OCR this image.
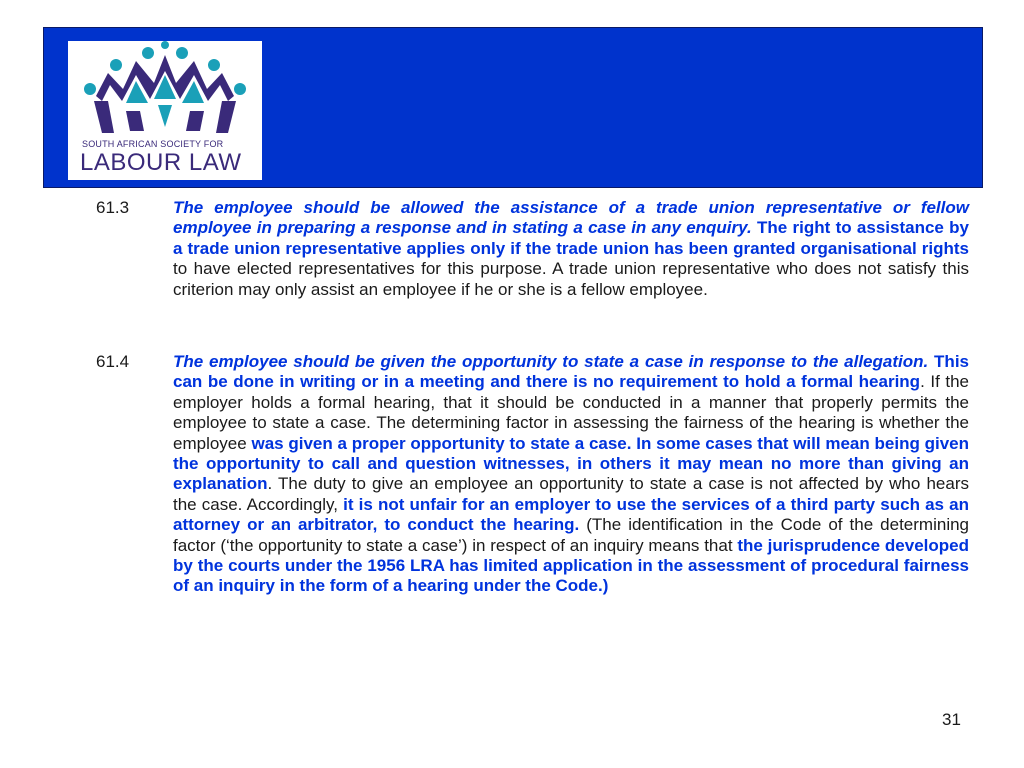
SOUTH AFRICAN SOCIETY FOR
LABOUR LAW
61.3	The employee should be allowed the assistance of a trade union representative or fellow employee in preparing a response and in stating a case in any enquiry. The right to assistance by a trade union representative applies only if the trade union has been granted organisational rights to have elected representatives for this purpose. A trade union representative who does not satisfy this criterion may only assist an employee if he or she is a fellow employee.
61.4	The employee should be given the opportunity to state a case in response to the allegation. This can be done in writing or in a meeting and there is no requirement to hold a formal hearing. If the employer holds a formal hearing, that it should be conducted in a manner that properly permits the employee to state a case. The determining factor in assessing the fairness of the hearing is whether the employee was given a proper opportunity to state a case. In some cases that will mean being given the opportunity to call and question witnesses, in others it may mean no more than giving an explanation. The duty to give an employee an opportunity to state a case is not affected by who hears the case. Accordingly, it is not unfair for an employer to use the services of a third party such as an attorney or an arbitrator, to conduct the hearing. (The identification in the Code of the determining factor (‘the opportunity to state a case’) in respect of an inquiry means that the jurisprudence developed by the courts under the 1956 LRA has limited application in the assessment of procedural fairness of an inquiry in the form of a hearing under the Code.)
31
